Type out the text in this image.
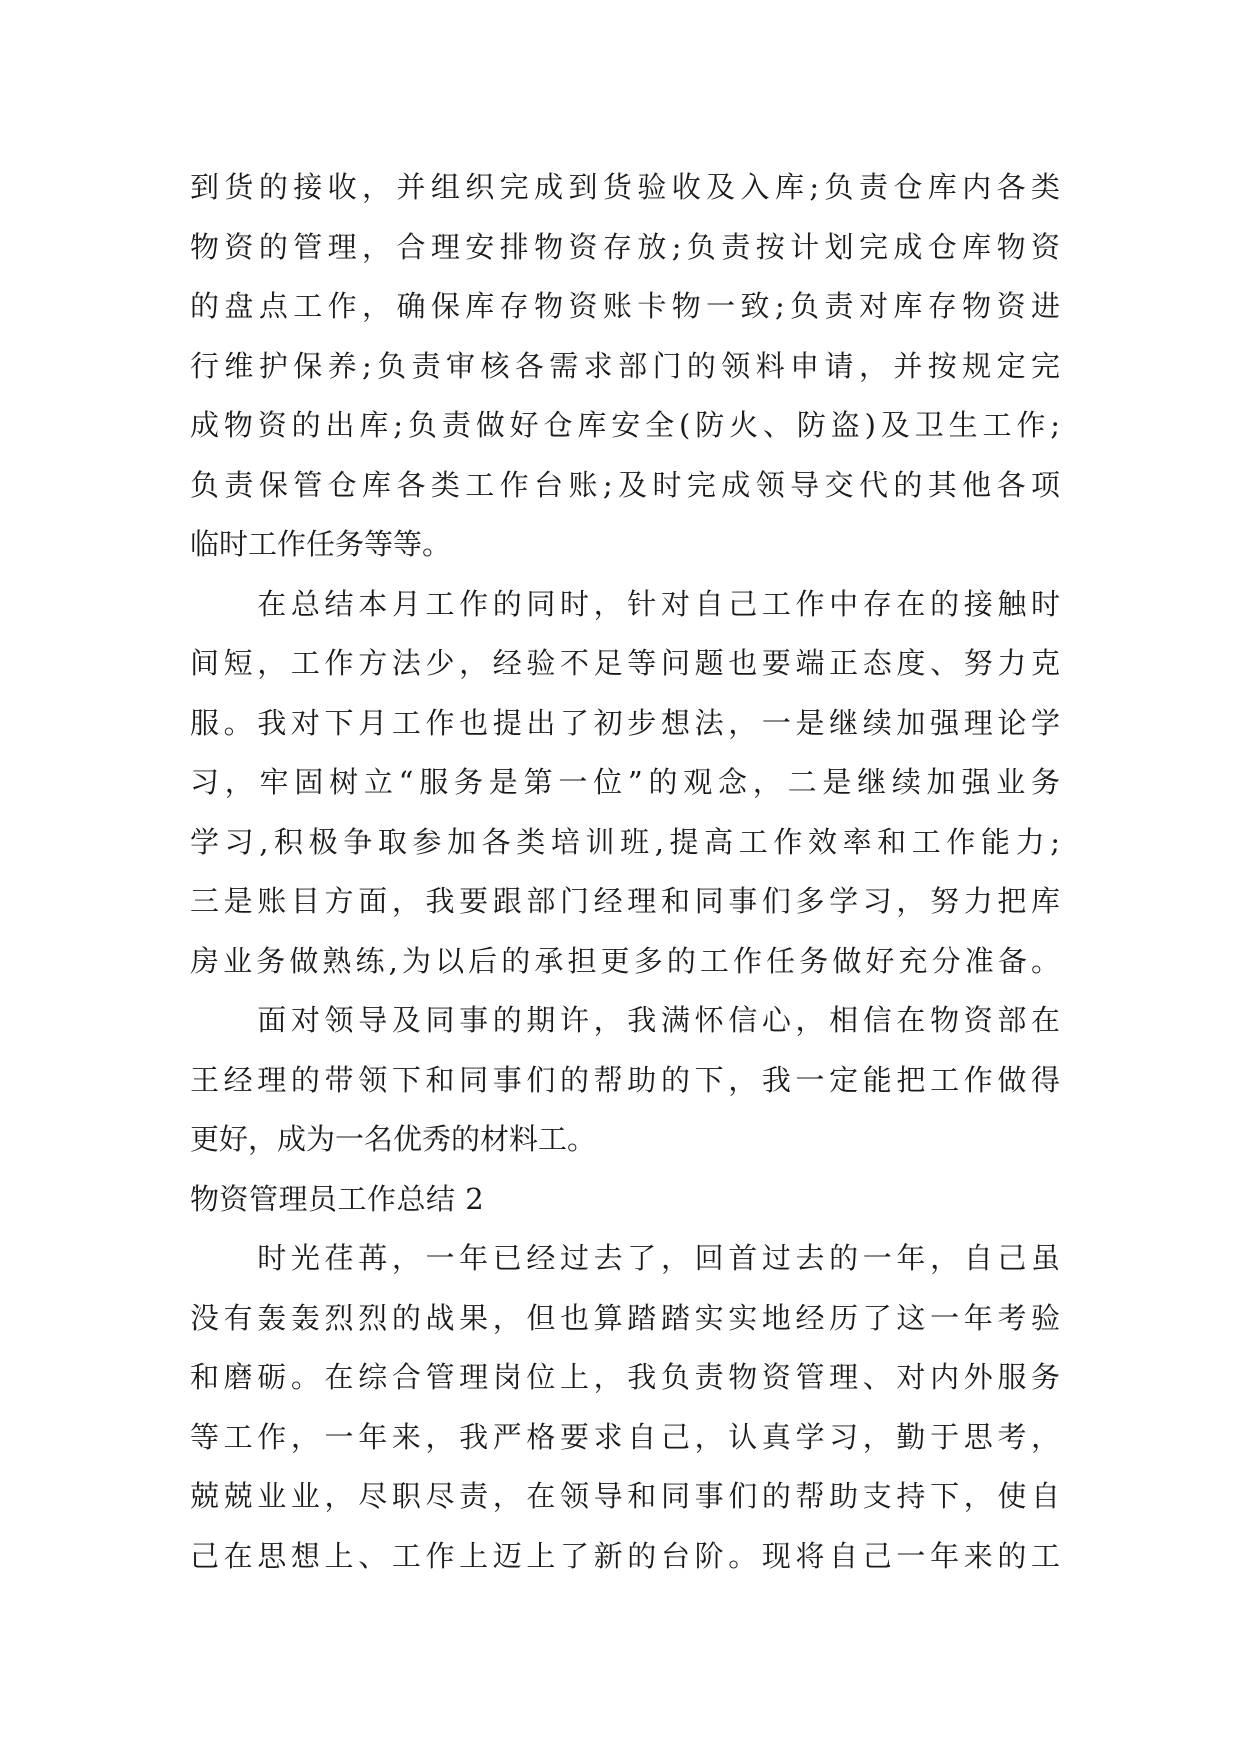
到货的接收，并组织完成到货验收及入库;负责仓库内各类
物资的管理，合理安排物资存放;负责按计划完成仓库物资
的盘点工作，确保库存物资账卡物一致;负责对库存物资进
行维护保养;负责审核各需求部门的领料申请，并按规定完
成物资的出库;负责做好仓库安全(防火、防盗)及卫生工作;
负责保管仓库各类工作台账;及时完成领导交代的其他各项
临时工作任务等等。
　　在总结本月工作的同时，针对自己工作中存在的接触时
间短，工作方法少，经验不足等问题也要端正态度、努力克
服。我对下月工作也提出了初步想法，一是继续加强理论学
习，牢固树立“服务是第一位”的观念，二是继续加强业务
学习,积极争取参加各类培训班,提高工作效率和工作能力;
三是账目方面，我要跟部门经理和同事们多学习，努力把库
房业务做熟练,为以后的承担更多的工作任务做好充分准备。
　　面对领导及同事的期许，我满怀信心，相信在物资部在
王经理的带领下和同事们的帮助的下，我一定能把工作做得
更好，成为一名优秀的材料工。
物资管理员工作总结 2
　　时光荏苒，一年已经过去了，回首过去的一年，自己虽
没有轰轰烈烈的战果，但也算踏踏实实地经历了这一年考验
和磨砺。在综合管理岗位上，我负责物资管理、对内外服务
等工作，一年来，我严格要求自己，认真学习，勤于思考，
兢兢业业，尽职尽责，在领导和同事们的帮助支持下，使自
己在思想上、工作上迈上了新的台阶。现将自己一年来的工
